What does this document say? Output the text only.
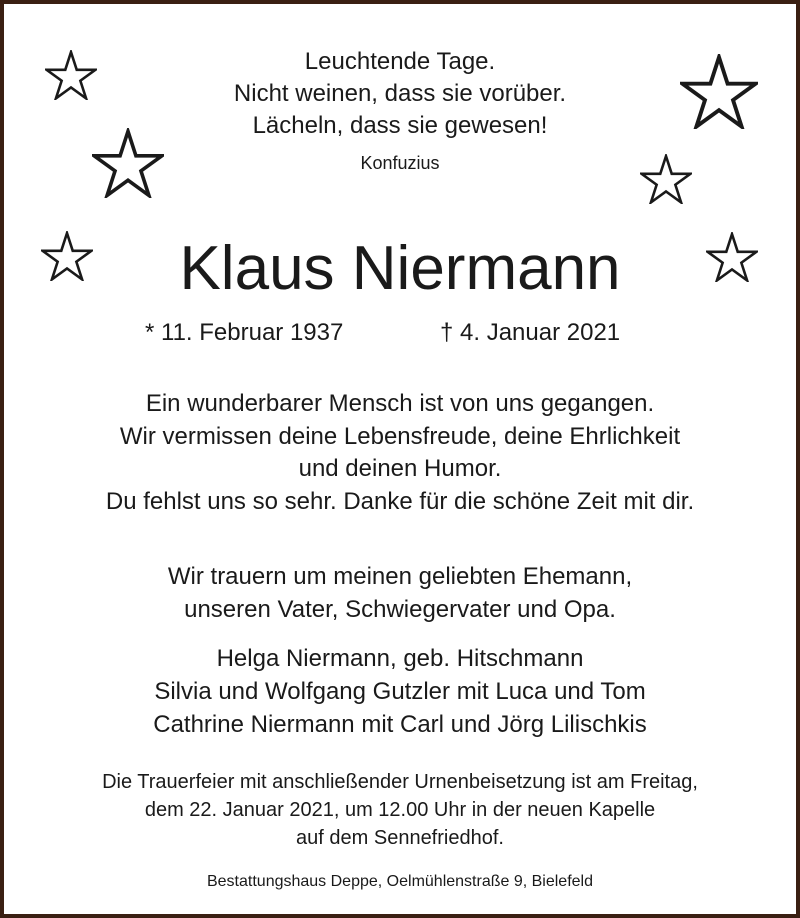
Leuchtende Tage.
Nicht weinen, dass sie vorüber.
Lächeln, dass sie gewesen!
Konfuzius
Klaus Niermann
* 11. Februar 1937	† 4. Januar 2021
Ein wunderbarer Mensch ist von uns gegangen.
Wir vermissen deine Lebensfreude, deine Ehrlichkeit
und deinen Humor.
Du fehlst uns so sehr. Danke für die schöne Zeit mit dir.
Wir trauern um meinen geliebten Ehemann,
unseren Vater, Schwiegervater und Opa.
Helga Niermann, geb. Hitschmann
Silvia und Wolfgang Gutzler mit Luca und Tom
Cathrine Niermann mit Carl und Jörg Lilischkis
Die Trauerfeier mit anschließender Urnenbeisetzung ist am Freitag,
dem 22. Januar 2021, um 12.00 Uhr in der neuen Kapelle
auf dem Sennefriedhof.
Bestattungshaus Deppe, Oelmühlenstraße 9, Bielefeld
